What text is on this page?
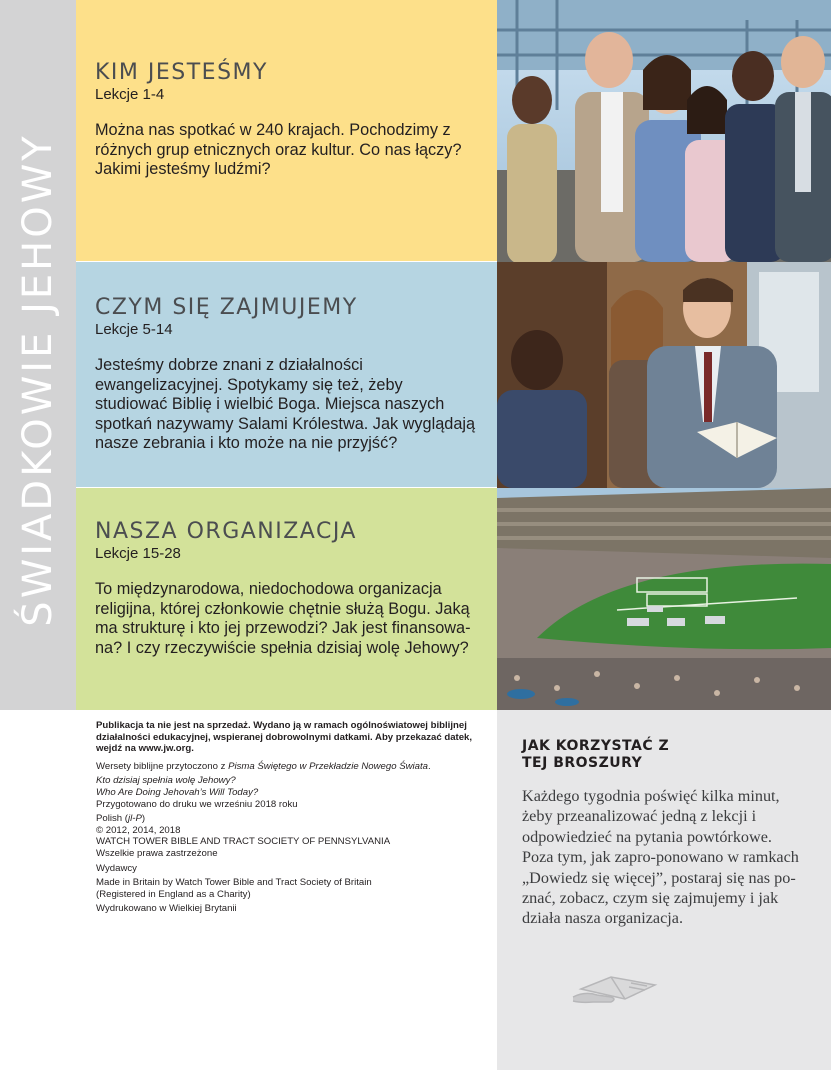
ŚWIADKOWIE JEHOWY
KIM JESTEŚMY

Lekcje 1-4

Można nas spotkać w 240 krajach. Pochodzimy z różnych grup etnicznych oraz kultur. Co nas łączy? Jakimi jesteśmy ludźmi?

CZYM SIĘ ZAJMUJEMY

Lekcje 5-14

Jesteśmy dobrze znani z działalności ewangelizacyjnej. Spotykamy się też, żeby studiować Biblię i wielbić Boga. Miejsca naszych spotkań nazywamy Salami Królestwa. Jak wyglądają nasze zebrania i kto może na nie przyjść?

NASZA ORGANIZACJA

Lekcje 15-28

To międzynarodowa, niedochodowa organizacja religijna, której członkowie chętnie służą Bogu. Jaką ma strukturę i kto jej przewodzi? Jak jest finansowa-na? I czy rzeczywiście spełnia dzisiaj wolę Jehowy?

Publikacja ta nie jest na sprzedaż. Wydano ją w ramach ogólnoświatowej biblijnej działalności edukacyjnej, wspieranej dobrowolnymi datkami. Aby przekazać datek, wejdź na www.jw.org.

Wersety biblijne przytoczono z Pisma Świętego w Przekładzie Nowego Świata.

Kto dzisiaj spełnia wolę Jehowy?

Who Are Doing Jehovah’s Will Today?

Przygotowano do druku we wrześniu 2018 roku

Polish (jl-P)

© 2012, 2014, 2018

WATCH TOWER BIBLE AND TRACT SOCIETY OF PENNSYLVANIA

Wszelkie prawa zastrzeżone

Wydawcy

Made in Britain by Watch Tower Bible and Tract Society of Britain

(Registered in England as a Charity)

Wydrukowano w Wielkiej Brytanii

JAK KORZYSTAĆ Z TEJ BROSZURY

Każdego tygodnia poświęć kilka minut, żeby przeanalizować jedną z lekcji i odpowiedzieć na pytania powtórkowe. Poza tym, jak zapro-ponowano w ramkach „Dowiedz się więcej”, postaraj się nas po-znać, zobacz, czym się zajmujemy i jak działa nasza organizacja.
